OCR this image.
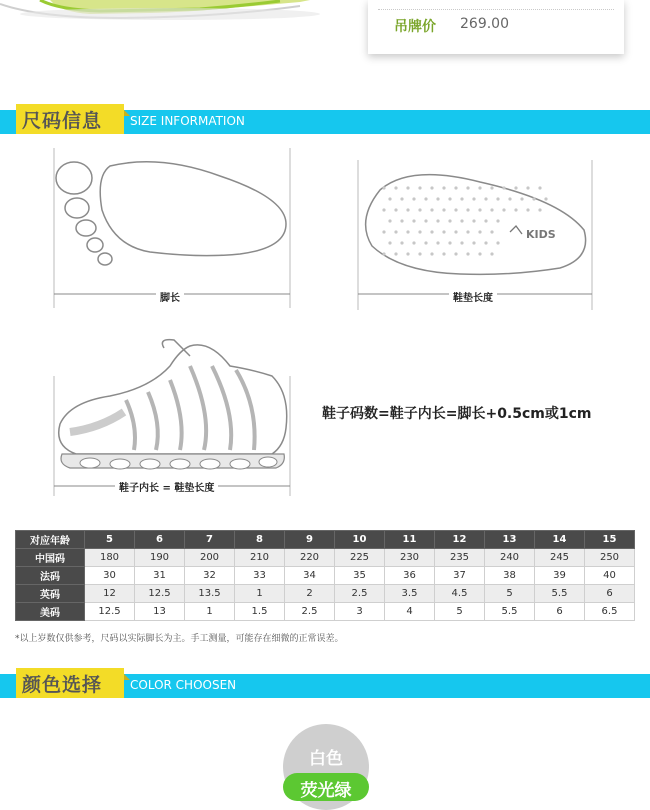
吊牌价 269.00
尺码信息 SIZE INFORMATION
脚长
KIDS
鞋垫长度
鞋子内长 = 鞋垫长度
鞋子码数=鞋子内长=脚长+0.5cm或1cm
对应年龄	5	6	7	8	9	10	11	12	13	14	15
中国码	180	190	200	210	220	225	230	235	240	245	250
法码	30	31	32	33	34	35	36	37	38	39	40
英码	12	12.5	13.5	1	2	2.5	3.5	4.5	5	5.5	6
美码	12.5	13	1	1.5	2.5	3	4	5	5.5	6	6.5
*以上岁数仅供参考，尺码以实际脚长为主。手工测量，可能存在细微的正常误差。
颜色选择 COLOR CHOOSEN
白色
荧光绿
